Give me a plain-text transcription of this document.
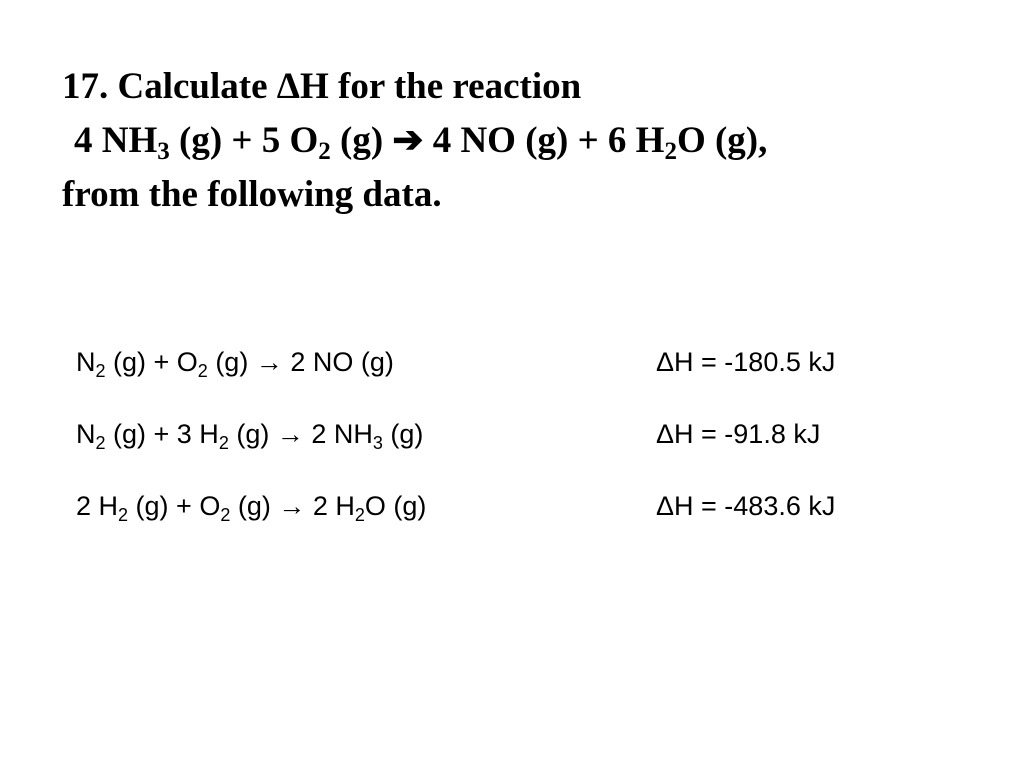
17. Calculate ΔH for the reaction
4 $NH_3$ (g) + 5 $O_2$ (g) ➔ 4 NO (g) + 6 $H_2O$ (g),
from the following data.
$N_2$ $(g) + O_2$ (g) → 2 NO (g)	ΔH = -180.5 kJ
$N_2$ (g) + 3 $H_2$ (g) → 2 $NH_3$ (g)	ΔH = -91.8 kJ
2 $H_2$ $(g) + O_2$ (g) → 2 $H_2O$ (g)	ΔH = -483.6 kJ
